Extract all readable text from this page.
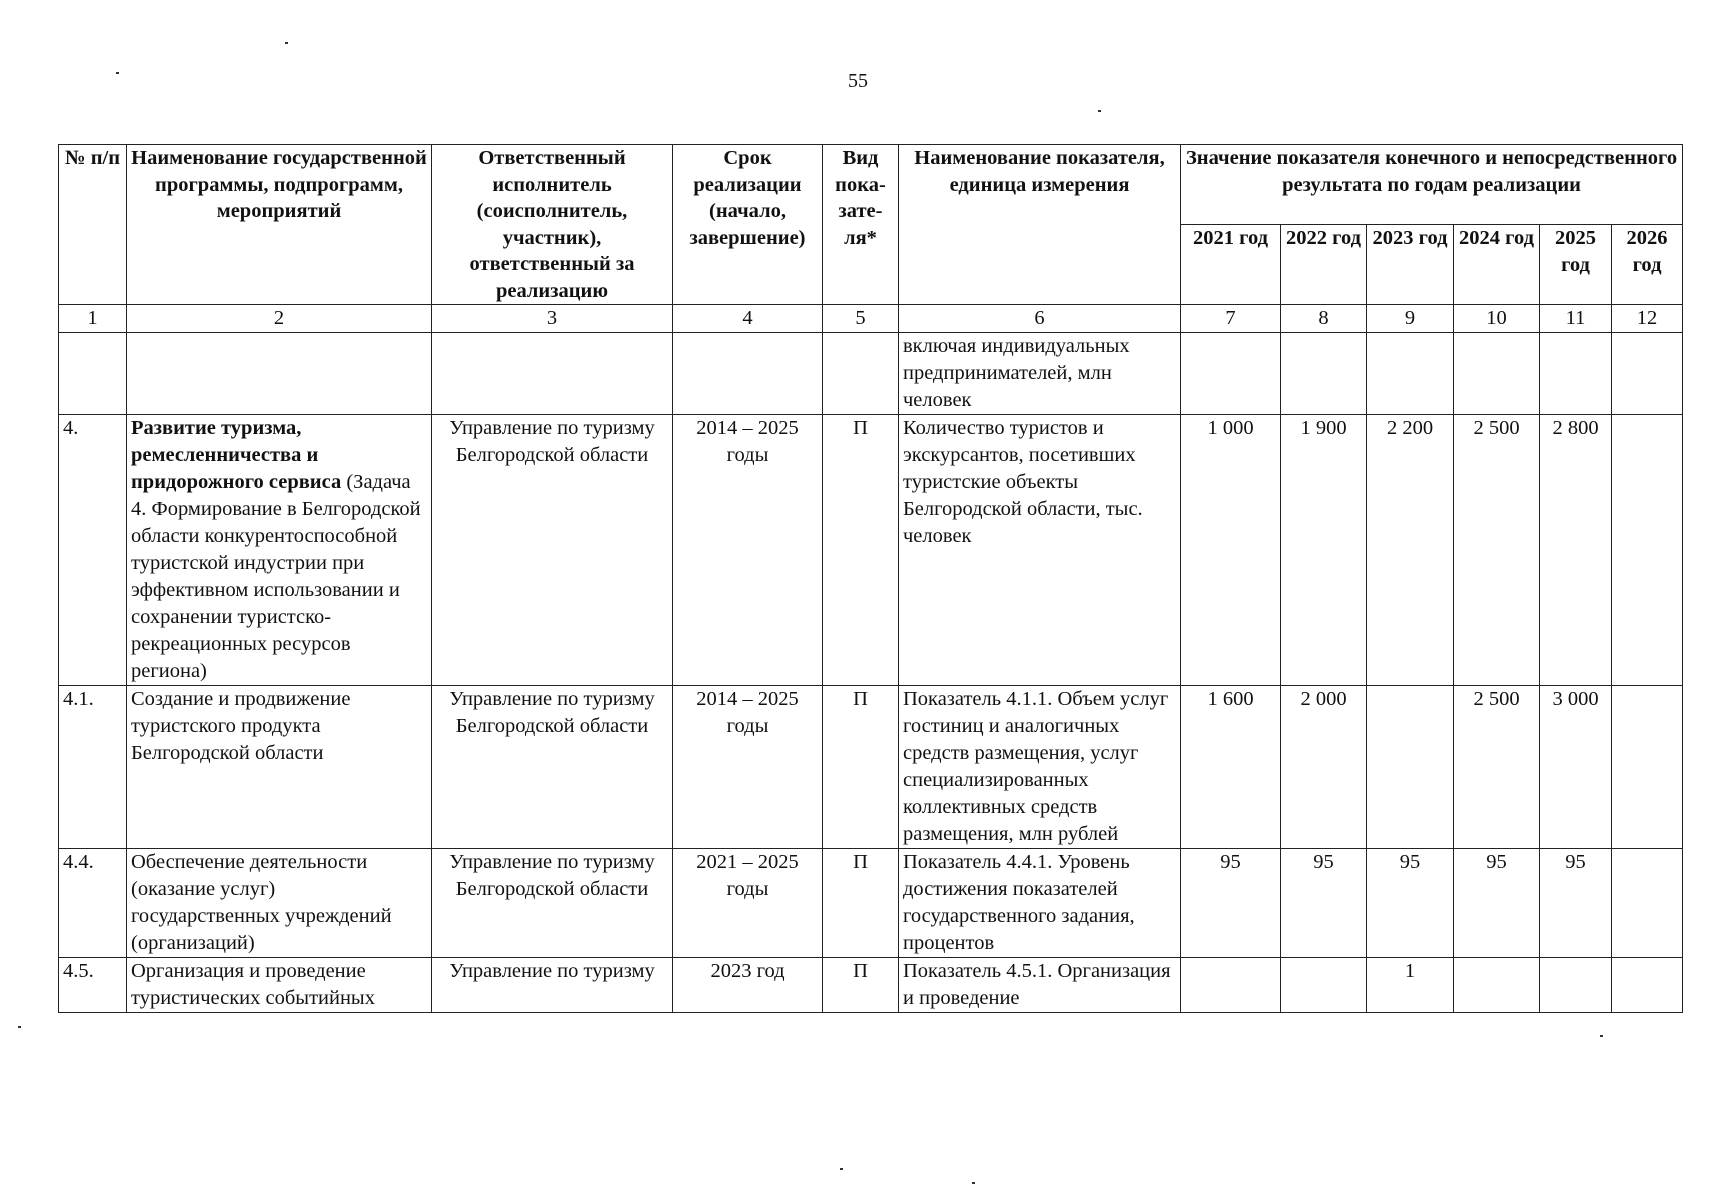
55
№ п/п	Наименование государственной программы, подпрограмм, мероприятий	Ответственный исполнитель (соисполнитель, участник), ответственный за реализацию	Срок реализации (начало, завершение)	Вид пока-зате-ля*	Наименование показателя, единица измерения	Значение показателя конечного и непосредственного результата по годам реализации					
						2021 год	2022 год	2023 год	2024 год	2025 год	2026 год
1	2	3	4	5	6	7	8	9	10	11	12
					включая индивидуальных предпринимателей, млн человек						
4.	Развитие туризма, ремесленничества и придорожного сервиса (Задача 4. Формирование в Белгородской области конкурентоспособной туристской индустрии при эффективном использовании и сохранении туристско-рекреационных ресурсов региона)	Управление по туризму Белгородской области	2014 – 2025 годы	П	Количество туристов и экскурсантов, посетивших туристские объекты Белгородской области, тыс. человек	1 000	1 900	2 200	2 500	2 800	
4.1.	Создание и продвижение туристского продукта Белгородской области	Управление по туризму Белгородской области	2014 – 2025 годы	П	Показатель 4.1.1. Объем услуг гостиниц и аналогичных средств размещения, услуг специализированных коллективных средств размещения, млн рублей	1 600	2 000		2 500	3 000	
4.4.	Обеспечение деятельности (оказание услуг) государственных учреждений (организаций)	Управление по туризму Белгородской области	2021 – 2025 годы	П	Показатель 4.4.1. Уровень достижения показателей государственного задания, процентов	95	95	95	95	95	
4.5.	Организация и проведение туристических событийных	Управление по туризму	2023 год	П	Показатель 4.5.1. Организация и проведение			1			
